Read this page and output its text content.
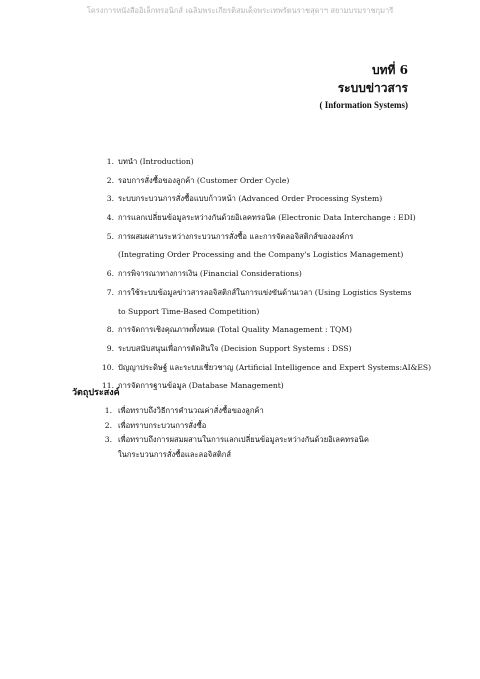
โครงการหนังสืออิเล็กทรอนิกส์ เฉลิมพระเกียรติสมเด็จพระเทพรัตนราชสุดาฯ สยามบรมราชกุมารี
บทที่ 6
ระบบข่าวสาร
( Information Systems)
1. บทนำ (Introduction)
2. รอบการสั่งซื้อของลูกค้า (Customer Order Cycle)
3. ระบบกระบวนการสั่งซื้อแบบก้าวหน้า (Advanced Order Processing System)
4. การแลกเปลี่ยนข้อมูลระหว่างกันด้วยอิเลคทรอนิค (Electronic Data Interchange : EDI)
5. การผสมผสานระหว่างกระบวนการสั่งซื้อ และการจัดลอจิสติกส์ขององค์กร
(Integrating Order Processing and the Company's Logistics Management)
6. การพิจารณาทางการเงิน (Financial Considerations)
7. การใช้ระบบข้อมูลข่าวสารลอจิสติกส์ในการแข่งขันด้านเวลา (Using Logistics Systems
to Support Time-Based Competition)
8. การจัดการเชิงคุณภาพทั้งหมด (Total Quality Management : TQM)
9. ระบบสนับสนุนเพื่อการตัดสินใจ (Decision Support Systems : DSS)
10. ปัญญาประดิษฐ์ และระบบเชี่ยวชาญ (Artificial Intelligence and Expert Systems:AI&ES)
11. การจัดการฐานข้อมูล (Database Management)
วัตถุประสงค์
1. เพื่อทราบถึงวิธีการคำนวณค่าสั่งซื้อของลูกค้า
2. เพื่อทราบกระบวนการสั่งซื้อ
3. เพื่อทราบถึงการผสมผสานในการแลกเปลี่ยนข้อมูลระหว่างกันด้วยอิเลคทรอนิค
ในกระบวนการสั่งซื้อและลอจิสติกส์
